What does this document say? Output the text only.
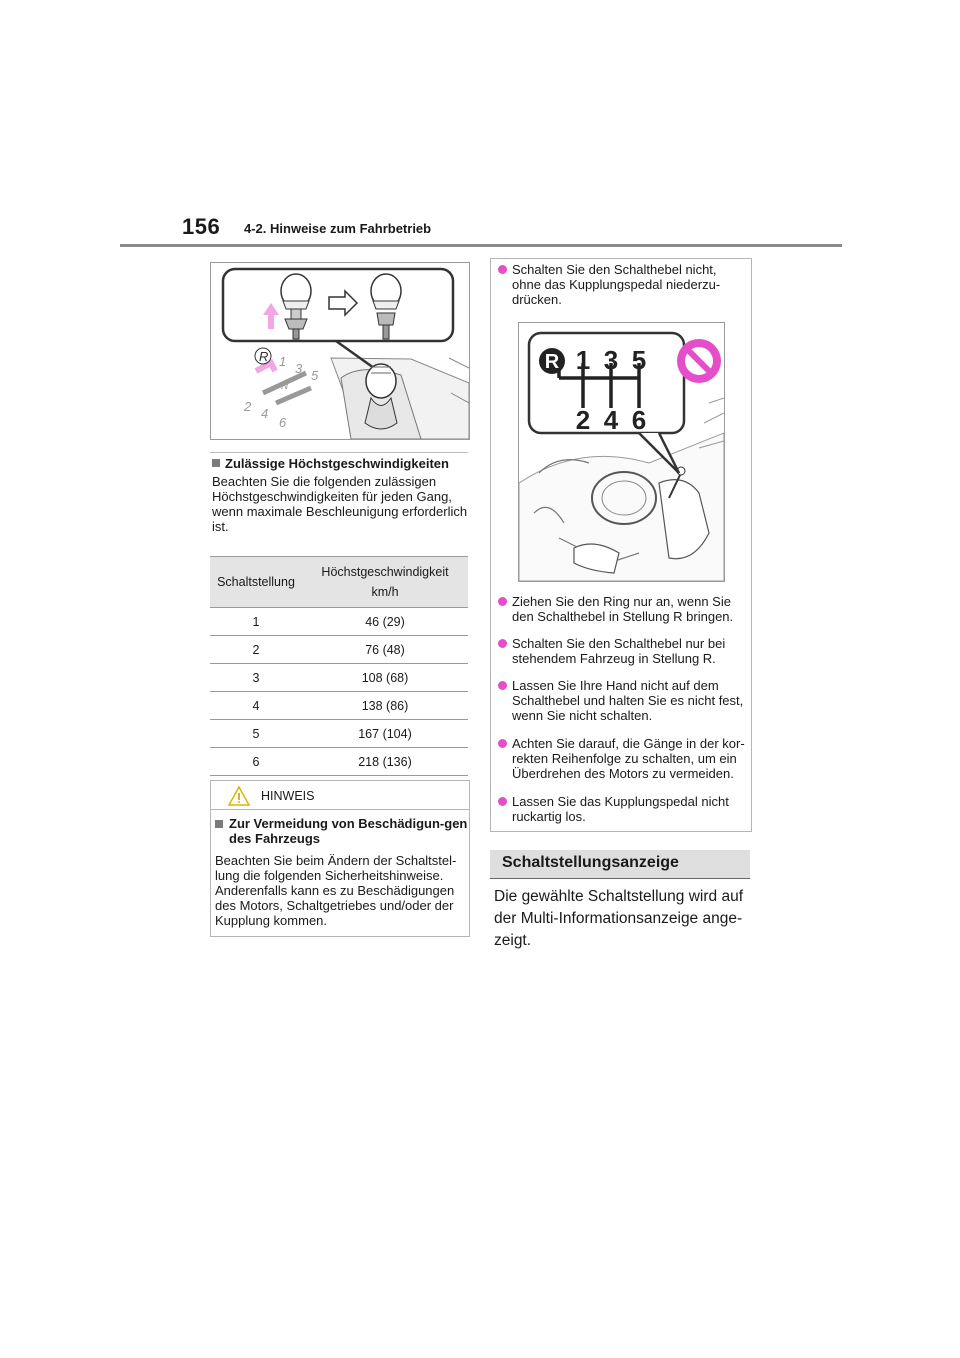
156 4-2. Hinweise zum Fahrbetrieb
R 1 3 5
N
2 4
6
Zulässige Höchstgeschwindigkeiten
Beachten Sie die folgenden zulässigen Höchstgeschwindigkeiten für jeden Gang, wenn maximale Beschleunigung erforderlich ist.
Schaltstellung	Höchstgeschwindigkeit
km/h

1	46 (29)
2	76 (48)
3	108 (68)
4	138 (86)
5	167 (104)
6	218 (136)
HINWEIS
Zur Vermeidung von Beschädigun-gen des Fahrzeugs
Beachten Sie beim Ändern der Schaltstel-lung die folgenden Sicherheitshinweise. Anderenfalls kann es zu Beschädigungen des Motors, Schaltgetriebes und/oder der Kupplung kommen.
Schalten Sie den Schalthebel nicht, ohne das Kupplungspedal niederzu-drücken.
R 1 3 5
2 4 6
Ziehen Sie den Ring nur an, wenn Sie den Schalthebel in Stellung R bringen.
Schalten Sie den Schalthebel nur bei stehendem Fahrzeug in Stellung R.
Lassen Sie Ihre Hand nicht auf dem Schalthebel und halten Sie es nicht fest, wenn Sie nicht schalten.
Achten Sie darauf, die Gänge in der kor-rekten Reihenfolge zu schalten, um ein Überdrehen des Motors zu vermeiden.
Lassen Sie das Kupplungspedal nicht ruckartig los.
Schaltstellungsanzeige
Die gewählte Schaltstellung wird auf der Multi-Informationsanzeige ange-zeigt.
